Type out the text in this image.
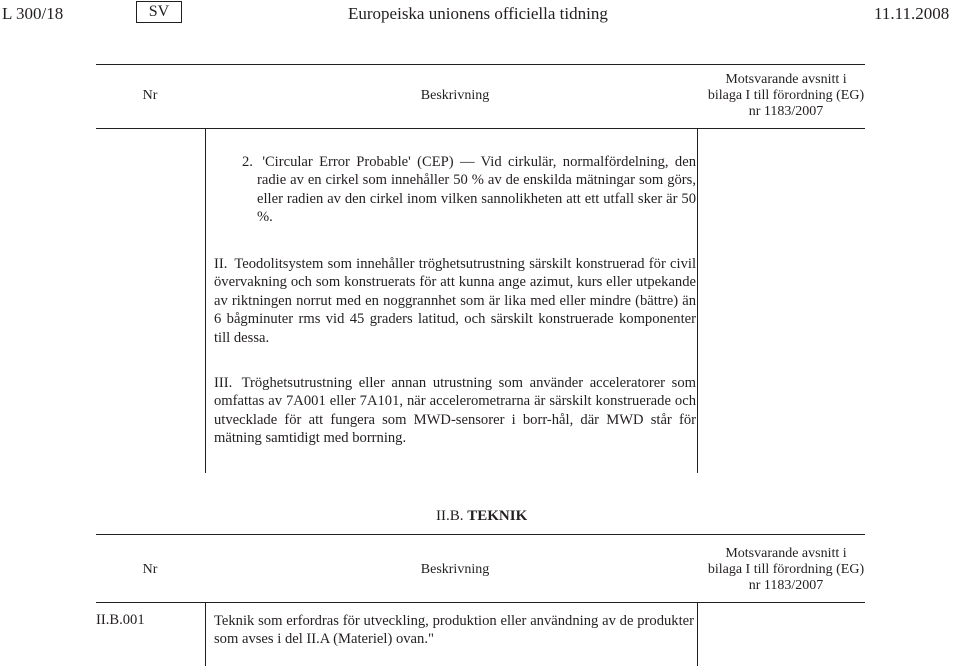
L 300/18	SV	Europeiska unionens officiella tidning	11.11.2008
Nr	Beskrivning
Motsvarande avsnitt i
bilaga I till förordning (EG)
nr 1183/2007
2. 'Circular Error Probable' (CEP) — Vid cirkulär, normalfördelning, den radie av en cirkel som innehåller 50 % av de enskilda mätningar som görs, eller radien av den cirkel inom vilken sannolikheten att ett utfall sker är 50 %.
II. Teodolitsystem som innehåller tröghetsutrustning särskilt konstruerad för civil övervakning och som konstruerats för att kunna ange azimut, kurs eller utpekande av riktningen norrut med en noggrannhet som är lika med eller mindre (bättre) än 6 bågminuter rms vid 45 graders latitud, och särskilt konstruerade komponenter till dessa.
III. Tröghetsutrustning eller annan utrustning som använder acceleratorer som omfattas av 7A001 eller 7A101, när accelerometrarna är särskilt konstruerade och utvecklade för att fungera som MWD-sensorer i borr-hål, där MWD står för mätning samtidigt med borrning.
II.B. TEKNIK
Nr	Beskrivning
Motsvarande avsnitt i
bilaga I till förordning (EG)
nr 1183/2007
II.B.001	Teknik som erfordras för utveckling, produktion eller användning av de produkter som avses i del II.A (Materiel) ovan."
